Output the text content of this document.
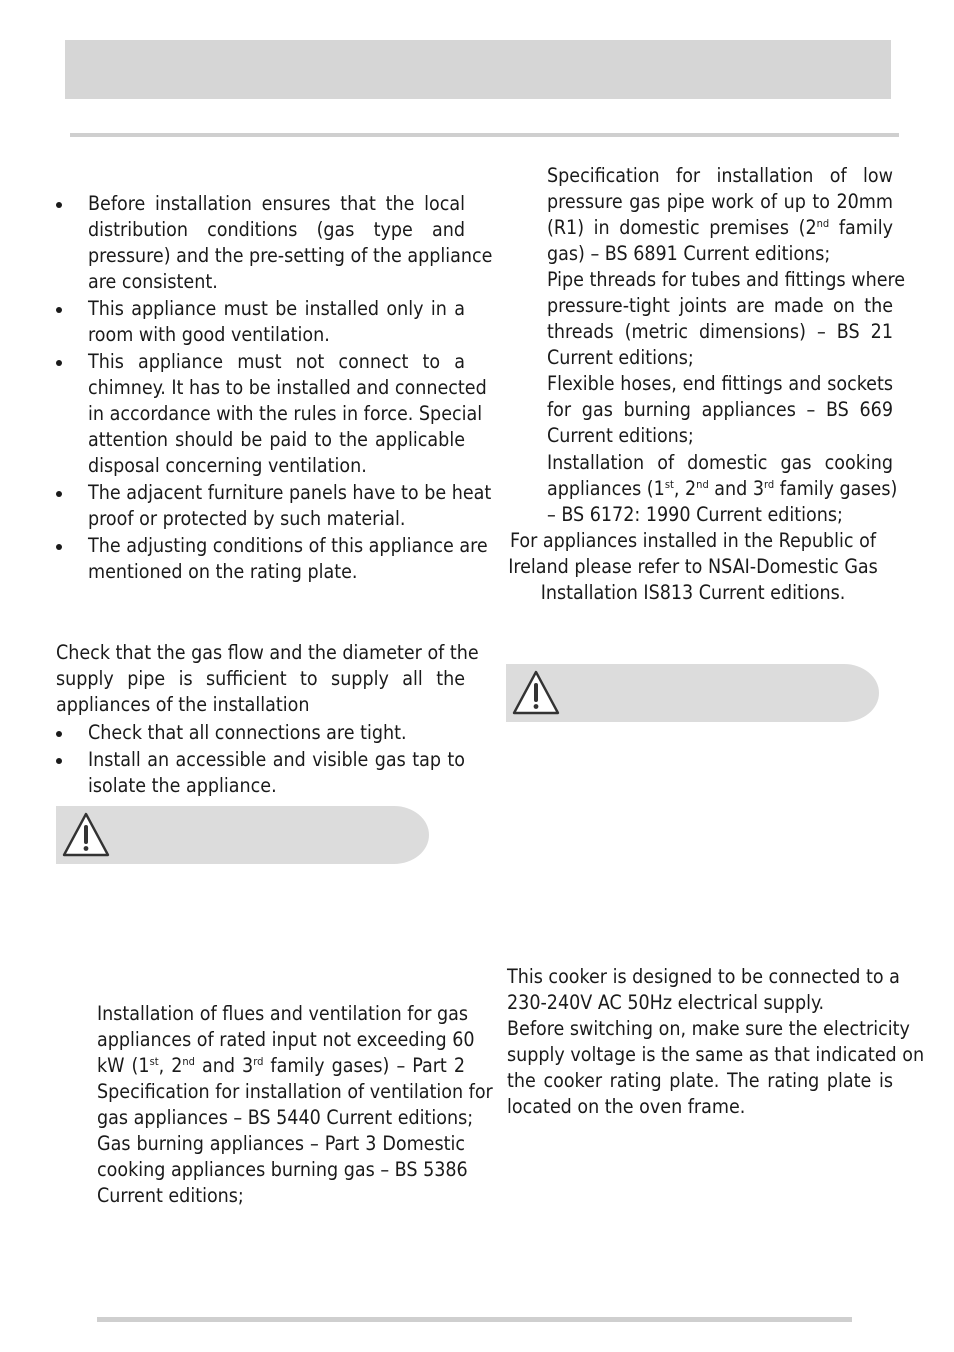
Before installation ensures that the local
distribution conditions (gas type and
pressure) and the pre-setting of the appliance
are consistent.
This appliance must be installed only in a
room with good ventilation.
This appliance must not connect to a
chimney. It has to be installed and connected
in accordance with the rules in force. Special
attention should be paid to the applicable
disposal concerning ventilation.
The adjacent furniture panels have to be heat
proof or protected by such material.
The adjusting conditions of this appliance are
mentioned on the rating plate.
Check that the gas flow and the diameter of the
supply pipe is sufficient to supply all the
appliances of the installation
Check that all connections are tight.
Install an accessible and visible gas tap to
isolate the appliance.
Installation of flues and ventilation for gas
appliances of rated input not exceeding 60
kW (1st, 2nd and 3rd family gases) – Part 2
Specification for installation of ventilation for
gas appliances – BS 5440 Current editions;
Gas burning appliances – Part 3 Domestic
cooking appliances burning gas – BS 5386
Current editions;
Specification for installation of low
pressure gas pipe work of up to 20mm
(R1) in domestic premises (2nd family
gas) – BS 6891 Current editions;
Pipe threads for tubes and fittings where
pressure-tight joints are made on the
threads (metric dimensions) – BS 21
Current editions;
Flexible hoses, end fittings and sockets
for gas burning appliances – BS 669
Current editions;
Installation of domestic gas cooking
appliances (1st, 2nd and 3rd family gases)
– BS 6172: 1990 Current editions;
For appliances installed in the Republic of
Ireland please refer to NSAI-Domestic Gas
Installation IS813 Current editions.
This cooker is designed to be connected to a
230-240V AC 50Hz electrical supply.
Before switching on, make sure the electricity
supply voltage is the same as that indicated on
the cooker rating plate. The rating plate is
located on the oven frame.
